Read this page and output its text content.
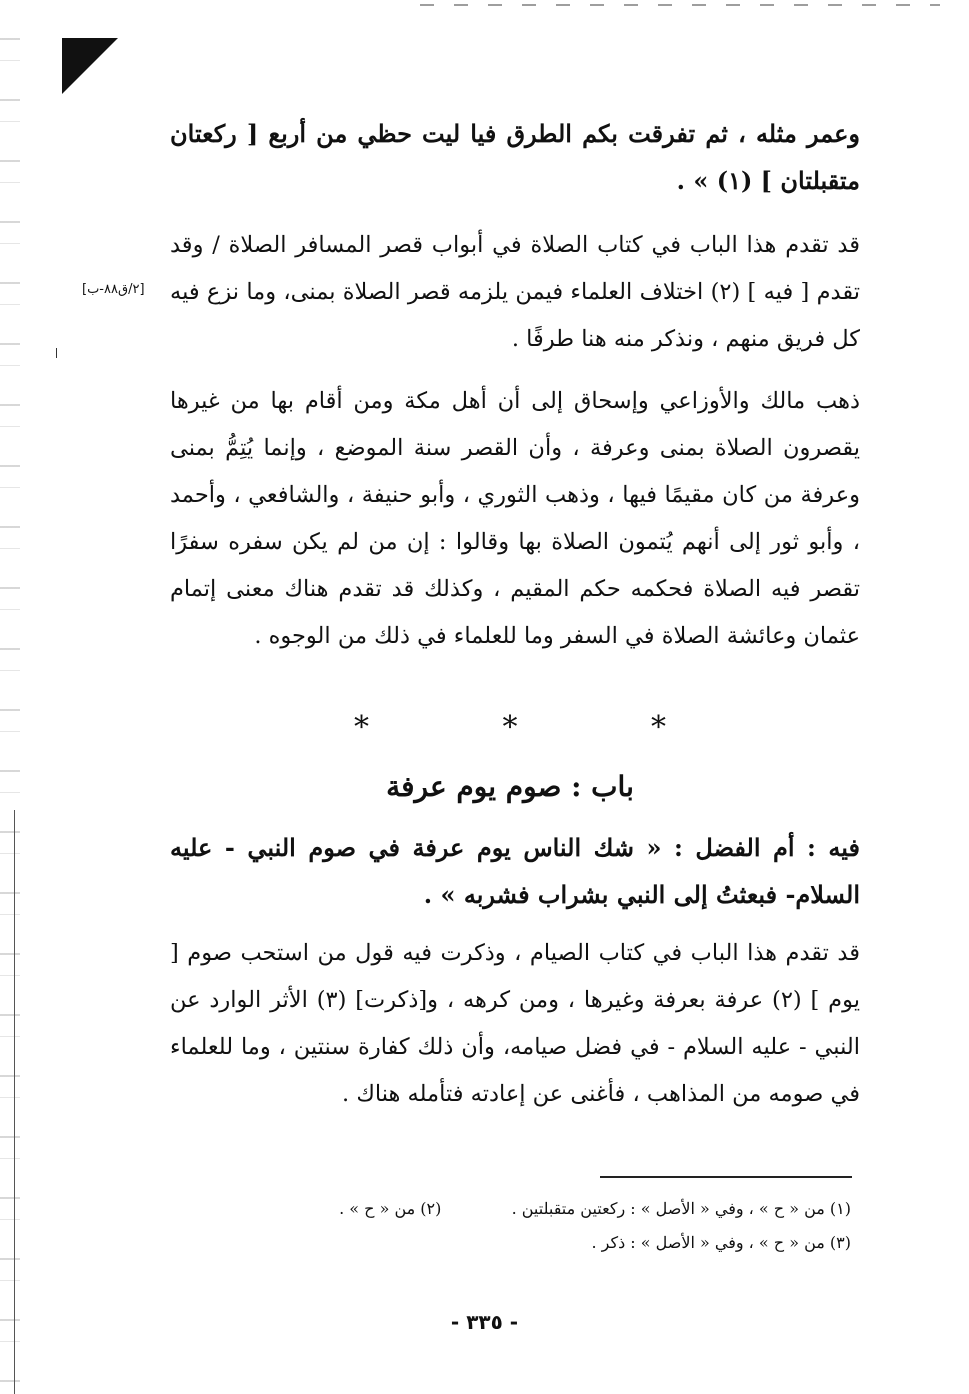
وعمر مثله ، ثم تفرقت بكم الطرق فيا ليت حظي من أربع [ ركعتان متقبلتان ] (١) » .

قد تقدم هذا الباب في كتاب الصلاة في أبواب قصر المسافر الصلاة / وقد تقدم [ فيه ] (٢) اختلاف العلماء فيمن يلزمه قصر الصلاة بمنى، وما نزع فيه كل فريق منهم ، ونذكر منه هنا طرفًا .

ذهب مالك والأوزاعي وإسحاق إلى أن أهل مكة ومن أقام بها من غيرها يقصرون الصلاة بمنى وعرفة ، وأن القصر سنة الموضع ، وإنما يُتِمُّ بمنى وعرفة من كان مقيمًا فيها ، وذهب الثوري ، وأبو حنيفة ، والشافعي ، وأحمد ، وأبو ثور إلى أنهم يُتمون الصلاة بها وقالوا : إن من لم يكن سفره سفرًا تقصر فيه الصلاة فحكمه حكم المقيم ، وكذلك قد تقدم هناك معنى إتمام عثمان وعائشة الصلاة في السفر وما للعلماء في ذلك من الوجوه .

* * *
باب : صوم يوم عرفة

فيه : أم الفضل : « شك الناس يوم عرفة في صوم النبي - عليه السلام- فبعثتُ إلى النبي بشراب فشربه » .

قد تقدم هذا الباب في كتاب الصيام ، وذكرت فيه قول من استحب صوم [ يوم ] (٢) عرفة بعرفة وغيرها ، ومن كرهه ، و[ذكرت] (٣) الأثر الوارد عن النبي - عليه السلام - في فضل صيامه، وأن ذلك كفارة سنتين ، وما للعلماء في صومه من المذاهب ، فأغنى عن إعادته فتأمله هناك .

[٢/ق٨٨-ب]
(١) من « ح » ، وفي « الأصل » : ركعتين متقبلتين .  (٢) من « ح » .
(٣) من « ح » ، وفي « الأصل » : ذكر .
- ٣٣٥ -
